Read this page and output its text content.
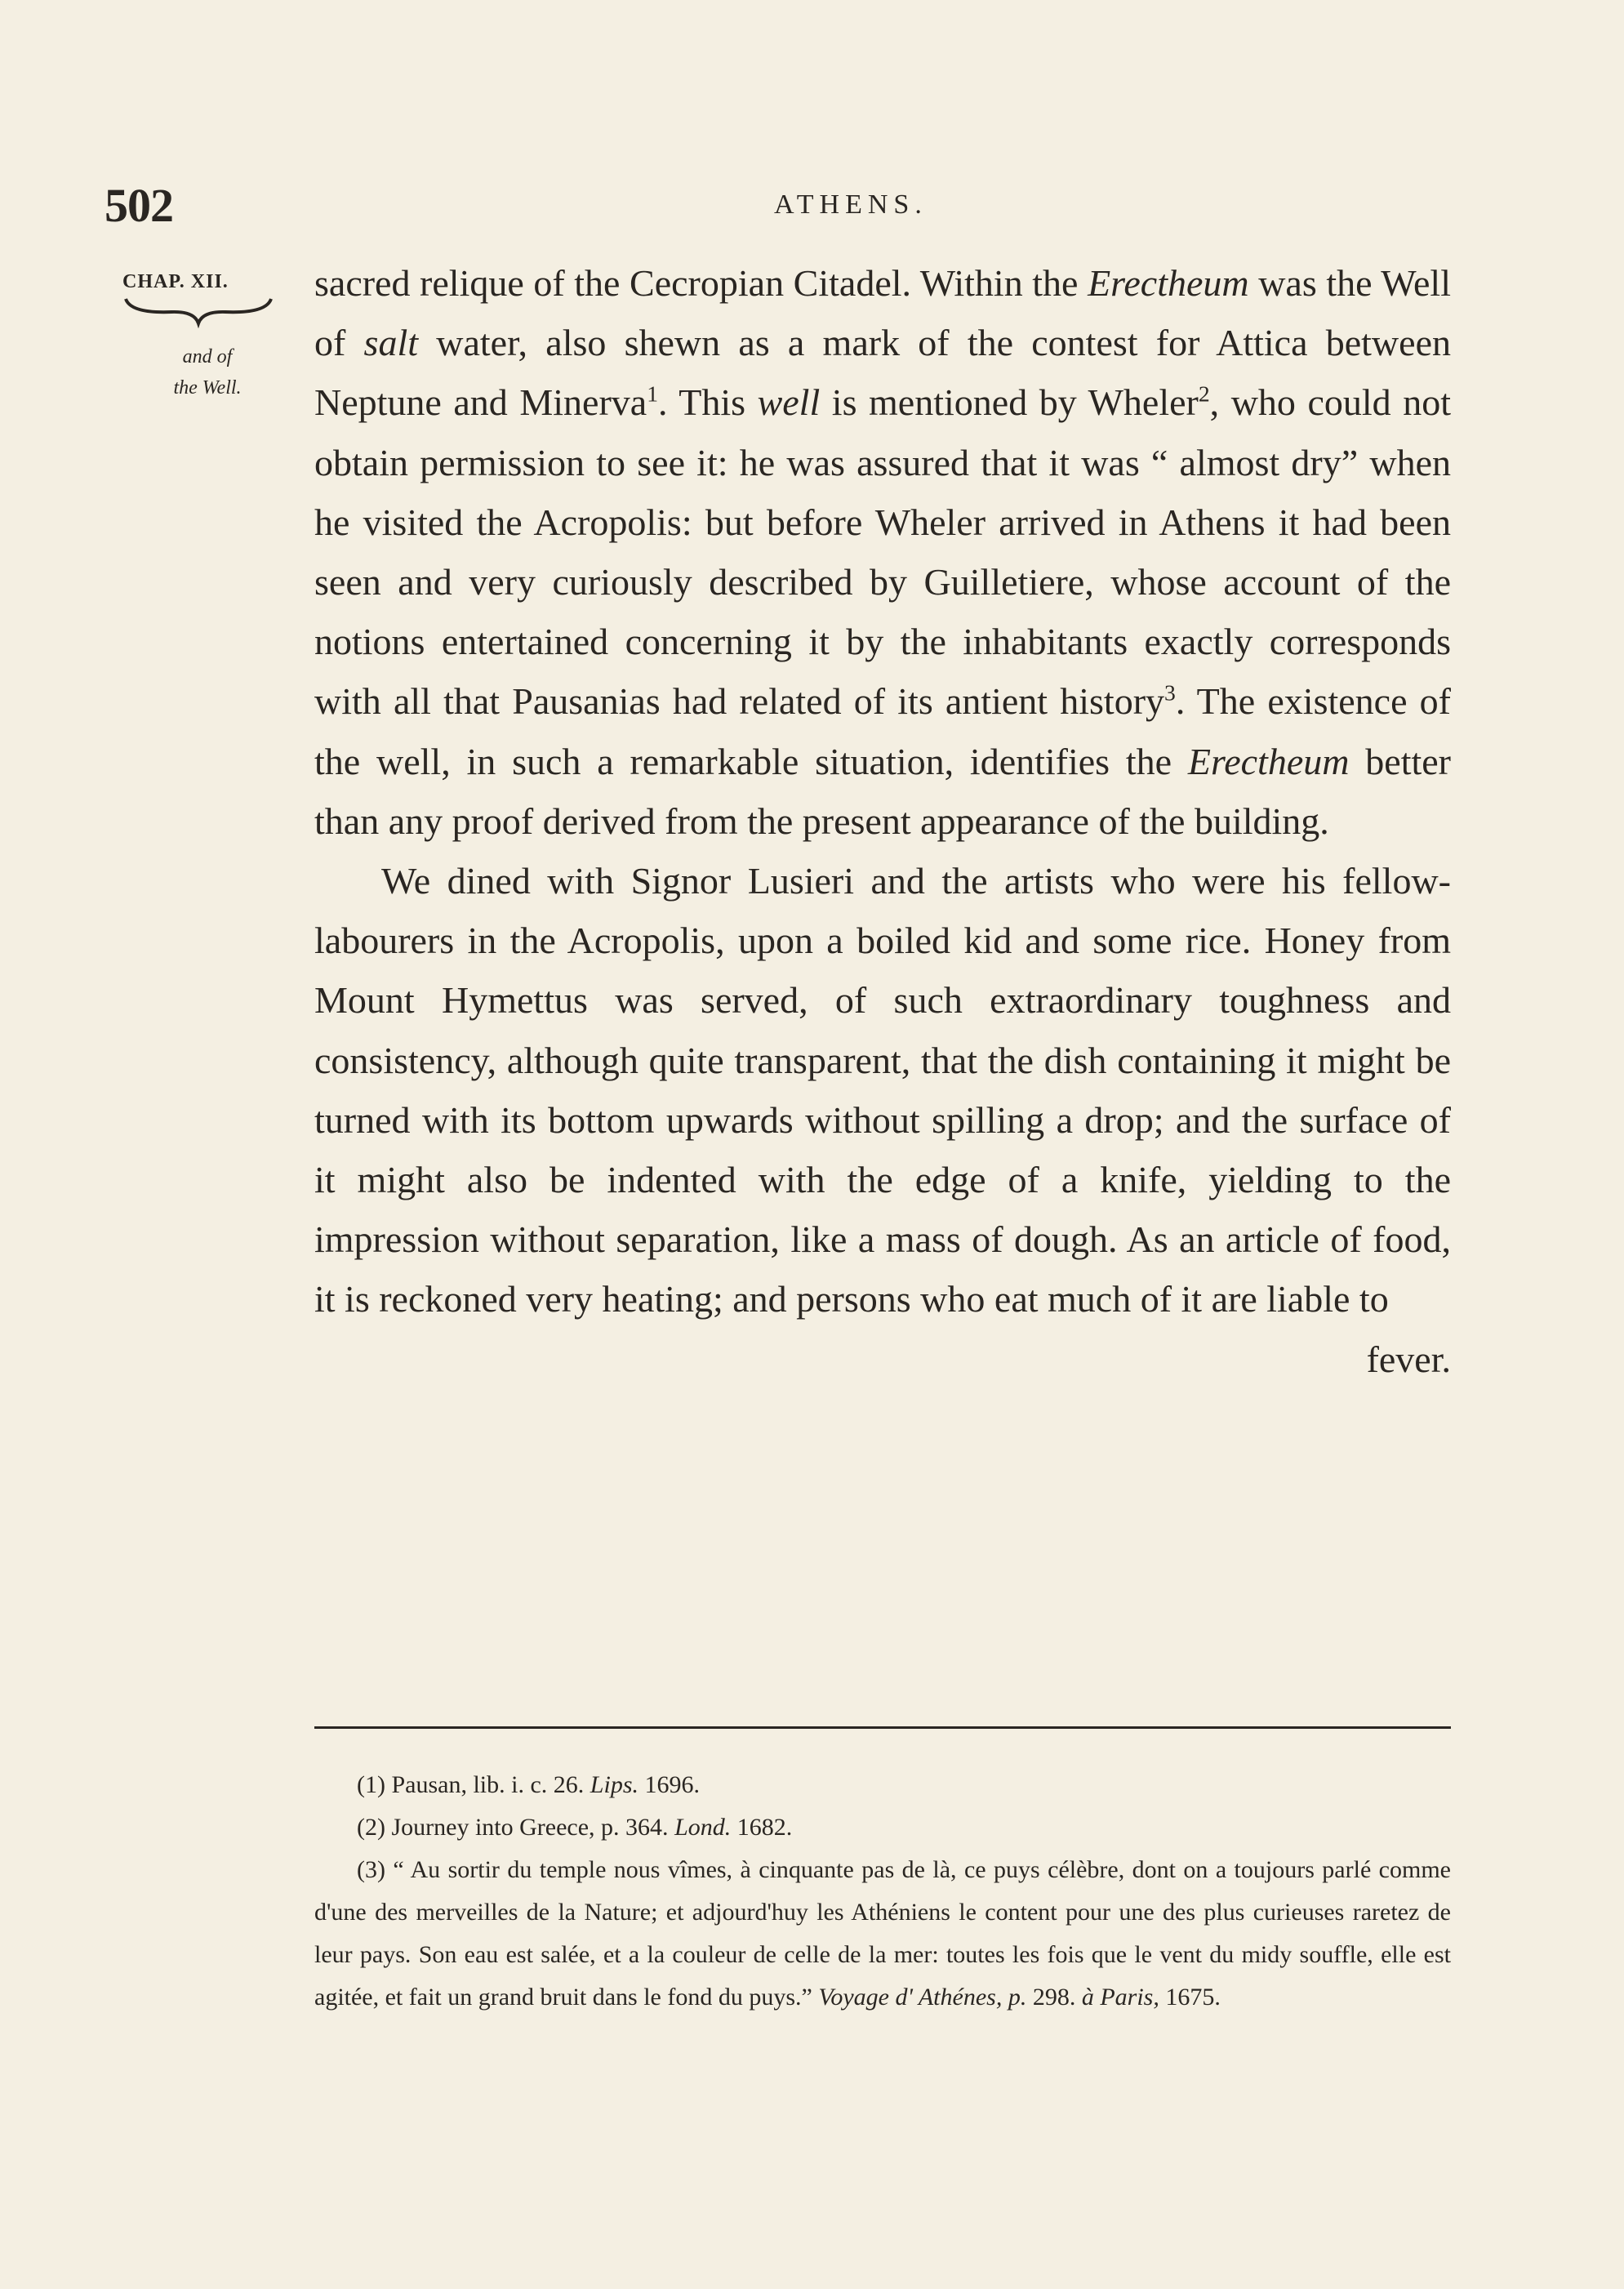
502	ATHENS.
CHAP. XII.
and of
the Well.

sacred relique of the Cecropian Citadel. Within the Erectheum was the Well of salt water, also shewn as a mark of the contest for Attica between Neptune and Minerva$^1$. This well is mentioned by Wheler$^2$, who could not obtain permission to see it: he was assured that it was “ almost dry” when he visited the Acropolis: but before Wheler arrived in Athens it had been seen and very curiously described by Guilletiere, whose account of the notions entertained concerning it by the inhabitants exactly corresponds with all that Pausanias had related of its antient history$^3$. The existence of the well, in such a remarkable situation, identifies the Erectheum better than any proof derived from the present appearance of the building.

We dined with Signor Lusieri and the artists who were his fellow-labourers in the Acropolis, upon a boiled kid and some rice. Honey from Mount Hymettus was served, of such extraordinary toughness and consistency, although quite transparent, that the dish containing it might be turned with its bottom upwards without spilling a drop; and the surface of it might also be indented with the edge of a knife, yielding to the impression without separation, like a mass of dough. As an article of food, it is reckoned very heating; and persons who eat much of it are liable to

fever.

(1) Pausan, lib. i. c. 26. Lips. 1696.

(2) Journey into Greece, p. 364. Lond. 1682.

(3) “ Au sortir du temple nous vîmes, à cinquante pas de là, ce puys célèbre, dont on a toujours parlé comme d'une des merveilles de la Nature; et adjourd'huy les Athéniens le content pour une des plus curieuses raretez de leur pays. Son eau est salée, et a la couleur de celle de la mer: toutes les fois que le vent du midy souffle, elle est agitée, et fait un grand bruit dans le fond du puys.” Voyage d' Athénes, p. 298. à Paris, 1675.
